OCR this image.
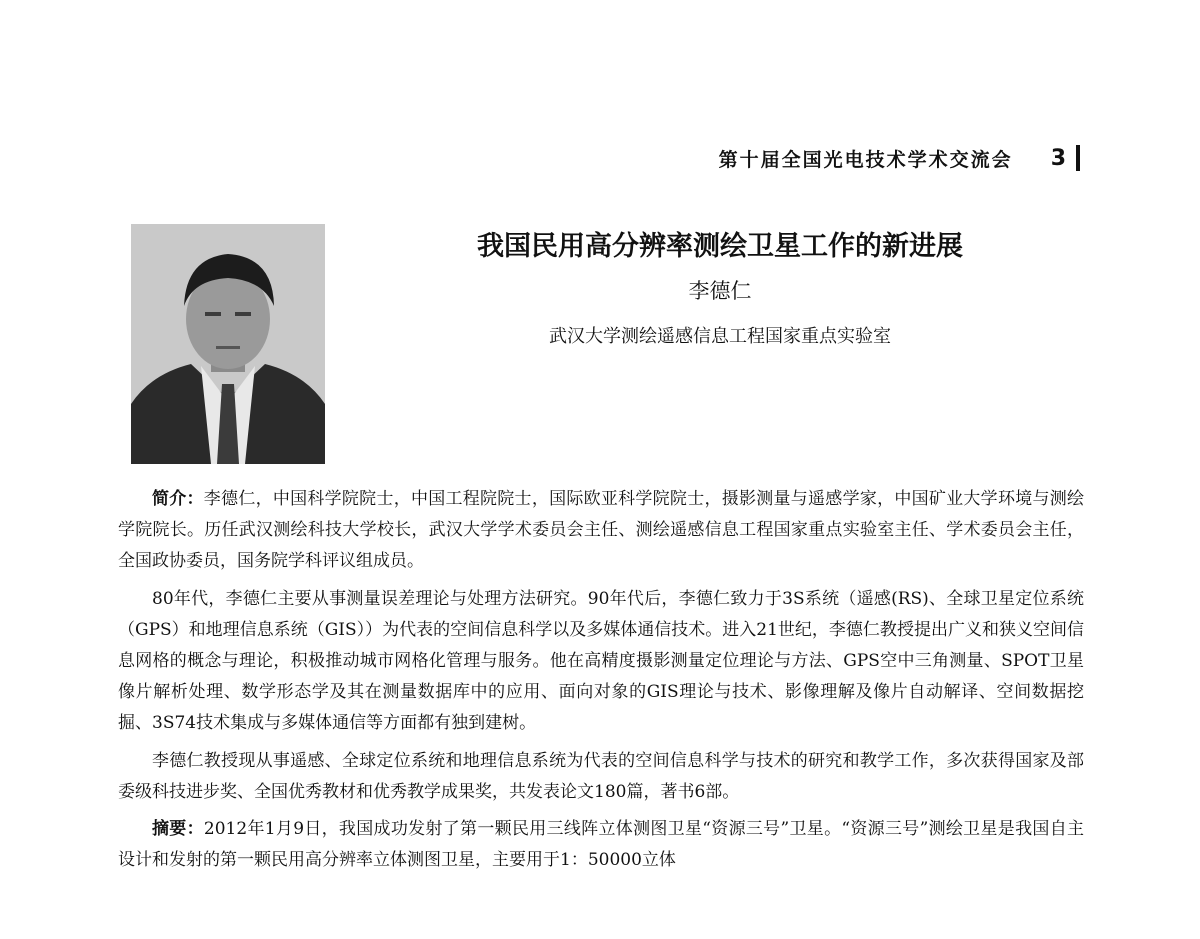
第十届全国光电技术学术交流会 3
我国民用高分辨率测绘卫星工作的新进展
李德仁
武汉大学测绘遥感信息工程国家重点实验室

简介：李德仁，中国科学院院士，中国工程院院士，国际欧亚科学院院士，摄影测量与遥感学家，中国矿业大学环境与测绘学院院长。历任武汉测绘科技大学校长，武汉大学学术委员会主任、测绘遥感信息工程国家重点实验室主任、学术委员会主任，全国政协委员，国务院学科评议组成员。

80年代，李德仁主要从事测量误差理论与处理方法研究。90年代后，李德仁致力于3S系统（遥感(RS)、全球卫星定位系统（GPS）和地理信息系统（GIS））为代表的空间信息科学以及多媒体通信技术。进入21世纪，李德仁教授提出广义和狭义空间信息网格的概念与理论，积极推动城市网格化管理与服务。他在高精度摄影测量定位理论与方法、GPS空中三角测量、SPOT卫星像片解析处理、数学形态学及其在测量数据库中的应用、面向对象的GIS理论与技术、影像理解及像片自动解译、空间数据挖掘、3S74技术集成与多媒体通信等方面都有独到建树。

李德仁教授现从事遥感、全球定位系统和地理信息系统为代表的空间信息科学与技术的研究和教学工作，多次获得国家及部委级科技进步奖、全国优秀教材和优秀教学成果奖，共发表论文180篇，著书6部。

摘要：2012年1月9日，我国成功发射了第一颗民用三线阵立体测图卫星“资源三号”卫星。“资源三号”测绘卫星是我国自主设计和发射的第一颗民用高分辨率立体测图卫星，主要用于1：50000立体
